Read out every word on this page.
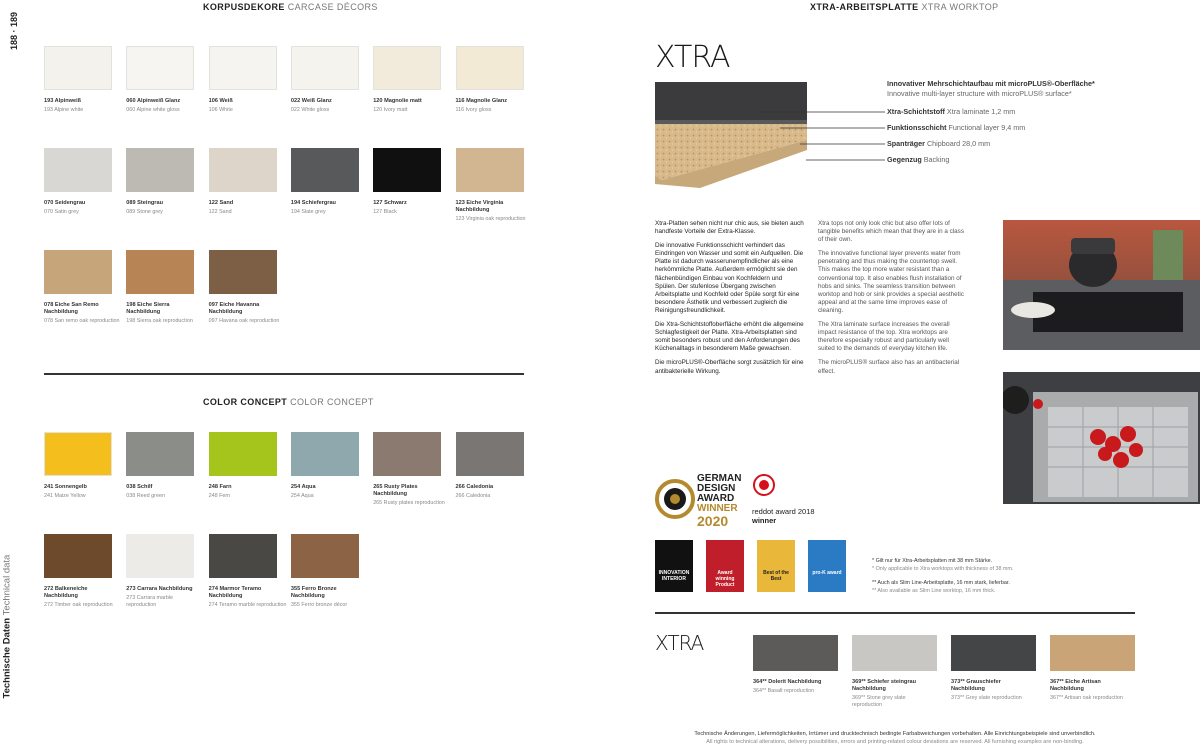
188 · 189
Technische Daten Technical data
KORPUSDEKORE CARCASE DÉCORS
193 Alpinweiß
193 Alpine white
060 Alpinweiß Glanz
060 Alpine white gloss
106 Weiß
106 White
022 Weiß Glanz
022 White gloss
120 Magnolie matt
120 Ivory matt
116 Magnolie Glanz
116 Ivory gloss
070 Seidengrau
070 Satin grey
089 Steingrau
089 Stone grey
122 Sand
122 Sand
194 Schiefergrau
194 Slate grey
127 Schwarz
127 Black
123 Eiche Virginia Nachbildung
123 Virginia oak reproduction
078 Eiche San Remo Nachbildung
078 San remo oak reproduction
198 Eiche Sierra Nachbildung
198 Sierra oak reproduction
097 Eiche Havanna Nachbildung
097 Havana oak reproduction
COLOR CONCEPT COLOR CONCEPT
241 Sonnengelb
241 Maize Yellow
038 Schilf
038 Reed green
248 Farn
248 Fern
254 Aqua
254 Aqua
265 Rusty Plates Nachbildung
265 Rusty plates reproduction
266 Caledonia
266 Caledonia
272 Balkeneiche Nachbildung
272 Timber oak reproduction
273 Carrara Nachbildung
273 Carrara marble reproduction
274 Marmor Teramo Nachbildung
274 Teramo marble reproduction
355 Ferro Bronze Nachbildung
355 Ferro bronze décor
XTRA-ARBEITSPLATTE XTRA WORKTOP
XTRA
Innovativer Mehrschichtaufbau mit microPLUS®-Oberfläche*
Innovative multi-layer structure with microPLUS® surface*
Xtra-Schichtstoff Xtra laminate 1,2 mm
Funktionsschicht Functional layer 9,4 mm
Spanträger Chipboard 28,0 mm
Gegenzug Backing

Xtra-Platten sehen nicht nur chic aus, sie bieten auch handfeste Vorteile der Extra-Klasse.

Die innovative Funktionsschicht verhindert das Eindringen von Wasser und somit ein Aufquellen. Die Platte ist dadurch wasserunempfindlicher als eine herkömmliche Platte. Außerdem ermöglicht sie den flächenbündigen Einbau von Kochfeldern und Spülen. Der stufenlose Übergang zwischen Arbeitsplatte und Kochfeld oder Spüle sorgt für eine besondere Ästhetik und verbessert zugleich die Reinigungsfreundlichkeit.

Die Xtra-Schichtstoffoberfläche erhöht die allgemeine Schlagfestigkeit der Platte. Xtra-Arbeitsplatten sind somit besonders robust und den Anforderungen des Küchenalltags in besonderem Maße gewachsen.

Die microPLUS®-Oberfläche sorgt zusätzlich für eine antibakterielle Wirkung.

Xtra tops not only look chic but also offer lots of tangible benefits which mean that they are in a class of their own.

The innovative functional layer prevents water from penetrating and thus making the countertop swell. This makes the top more water resistant than a conventional top. It also enables flush installation of hobs and sinks. The seamless transition between worktop and hob or sink provides a special aesthetic appeal and at the same time improves ease of cleaning.

The Xtra laminate surface increases the overall impact resistance of the top. Xtra worktops are therefore especially robust and particularly well suited to the demands of everyday kitchen life.

The microPLUS® surface also has an antibacterial effect.

GERMAN
DESIGN
AWARD
WINNER
2020
reddot award 2018
winner
INNOVATION INTERIOR
Award winning Product
Best of the Best
pro-K award
* Gilt nur für Xtra-Arbeitsplatten mit 38 mm Stärke.
* Only applicable to Xtra worktops with thickness of 38 mm.
** Auch als Slim Line-Arbeitsplatte, 16 mm stark, lieferbar.
** Also available as Slim Line worktop, 16 mm thick.
XTRA
364** Dolerit Nachbildung
364** Basalt reproduction
369** Schiefer steingrau Nachbildung
369** Stone grey slate reproduction
373** Grauschiefer Nachbildung
373** Grey slate reproduction
367** Eiche Artisan Nachbildung
367** Artisan oak reproduction
Technische Änderungen, Liefermöglichkeiten, Irrtümer und drucktechnisch bedingte Farbabweichungen vorbehalten. Alle Einrichtungsbeispiele sind unverbindlich.
All rights to technical alterations, delivery possibilities, errors and printing-related colour deviations are reserved. All furnishing examples are non-binding.
